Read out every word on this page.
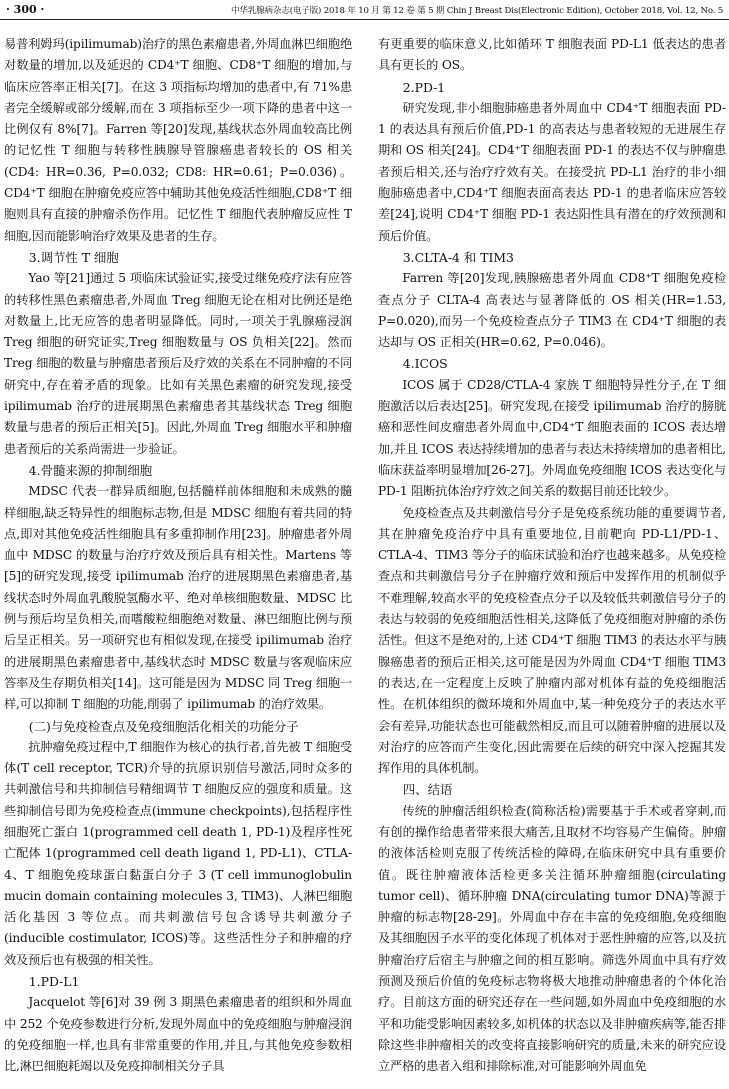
· 300 ·	中华乳腺病杂志(电子版) 2018 年 10 月 第 12 卷 第 5 期 Chin J Breast Dis(Electronic Edition), October 2018, Vol. 12, No. 5

易普利姆玛(ipilimumab)治疗的黑色素瘤患者,外周血淋巴细胞绝对数量的增加,以及延迟的 CD4⁺T 细胞、CD8⁺T 细胞的增加,与临床应答率正相关[7]。在这 3 项指标均增加的患者中,有 71%患者完全缓解或部分缓解,而在 3 项指标至少一项下降的患者中这一比例仅有 8%[7]。Farren 等[20]发现,基线状态外周血较高比例的记忆性 T 细胞与转移性胰腺导管腺癌患者较长的 OS 相关(CD4: HR=0.36, P=0.032; CD8: HR=0.61; P=0.036)。CD4⁺T 细胞在肿瘤免疫应答中辅助其他免疫活性细胞,CD8⁺T 细胞则具有直接的肿瘤杀伤作用。记忆性 T 细胞代表肿瘤反应性 T 细胞,因而能影响治疗效果及患者的生存。

3.调节性 T 细胞

Yao 等[21]通过 5 项临床试验证实,接受过继免疫疗法有应答的转移性黑色素瘤患者,外周血 Treg 细胞无论在相对比例还是绝对数量上,比无应答的患者明显降低。同时,一项关于乳腺癌浸润 Treg 细胞的研究证实,Treg 细胞数量与 OS 负相关[22]。然而 Treg 细胞的数量与肿瘤患者预后及疗效的关系在不同肿瘤的不同研究中,存在着矛盾的现象。比如有关黑色素瘤的研究发现,接受 ipilimumab 治疗的进展期黑色素瘤患者其基线状态 Treg 细胞数量与患者的预后正相关[5]。因此,外周血 Treg 细胞水平和肿瘤患者预后的关系尚需进一步验证。

4.骨髓来源的抑制细胞

MDSC 代表一群异质细胞,包括髓样前体细胞和未成熟的髓样细胞,缺乏特异性的细胞标志物,但是 MDSC 细胞有着共同的特点,即对其他免疫活性细胞具有多重抑制作用[23]。肿瘤患者外周血中 MDSC 的数量与治疗疗效及预后具有相关性。Martens 等[5]的研究发现,接受 ipilimumab 治疗的进展期黑色素瘤患者,基线状态时外周血乳酸脱氢酶水平、绝对单核细胞数量、MDSC 比例与预后均呈负相关,而嗜酸粒细胞绝对数量、淋巴细胞比例与预后呈正相关。另一项研究也有相似发现,在接受 ipilimumab 治疗的进展期黑色素瘤患者中,基线状态时 MDSC 数量与客观临床应答率及生存期负相关[14]。这可能是因为 MDSC 同 Treg 细胞一样,可以抑制 T 细胞的功能,削弱了 ipilimumab 的治疗效果。

(二)与免疫检查点及免疫细胞活化相关的功能分子

抗肿瘤免疫过程中,T 细胞作为核心的执行者,首先被 T 细胞受体(T cell receptor, TCR)介导的抗原识别信号激活,同时众多的共刺激信号和共抑制信号精细调节 T 细胞反应的强度和质量。这些抑制信号即为免疫检查点(immune checkpoints),包括程序性细胞死亡蛋白 1(programmed cell death 1, PD-1)及程序性死亡配体 1(programmed cell death ligand 1, PD-L1)、CTLA-4、T 细胞免疫球蛋白黏蛋白分子 3 (T cell immunoglobulin mucin domain containing molecules 3, TIM3)、人淋巴细胞活化基因 3 等位点。而共刺激信号包含诱导共刺激分子(inducible costimulator, ICOS)等。这些活性分子和肿瘤的疗效及预后也有极强的相关性。

1.PD-L1

Jacquelot 等[6]对 39 例 3 期黑色素瘤患者的组织和外周血中 252 个免疫参数进行分析,发现外周血中的免疫细胞与肿瘤浸润的免疫细胞一样,也具有非常重要的作用,并且,与其他免疫参数相比,淋巴细胞耗竭以及免疫抑制相关分子具

有更重要的临床意义,比如循环 T 细胞表面 PD-L1 低表达的患者具有更长的 OS。

2.PD-1

研究发现,非小细胞肺癌患者外周血中 CD4⁺T 细胞表面 PD-1 的表达具有预后价值,PD-1 的高表达与患者较短的无进展生存期和 OS 相关[24]。CD4⁺T 细胞表面 PD-1 的表达不仅与肿瘤患者预后相关,还与治疗疗效有关。在接受抗 PD-L1 治疗的非小细胞肺癌患者中,CD4⁺T 细胞表面高表达 PD-1 的患者临床应答较差[24],说明 CD4⁺T 细胞 PD-1 表达阳性具有潜在的疗效预测和预后价值。

3.CLTA-4 和 TIM3

Farren 等[20]发现,胰腺癌患者外周血 CD8⁺T 细胞免疫检查点分子 CLTA-4 高表达与显著降低的 OS 相关(HR=1.53, P=0.020),而另一个免疫检查点分子 TIM3 在 CD4⁺T 细胞的表达却与 OS 正相关(HR=0.62, P=0.046)。

4.ICOS

ICOS 属于 CD28/CTLA-4 家族 T 细胞特异性分子,在 T 细胞激活以后表达[25]。研究发现,在接受 ipilimumab 治疗的膀胱癌和恶性间皮瘤患者外周血中,CD4⁺T 细胞表面的 ICOS 表达增加,并且 ICOS 表达持续增加的患者与表达未持续增加的患者相比,临床获益率明显增加[26-27]。外周血免疫细胞 ICOS 表达变化与 PD-1 阻断抗体治疗疗效之间关系的数据目前还比较少。

免疫检查点及共刺激信号分子是免疫系统功能的重要调节者,其在肿瘤免疫治疗中具有重要地位,目前靶向 PD-L1/PD-1、CTLA-4、TIM3 等分子的临床试验和治疗也越来越多。从免疫检查点和共刺激信号分子在肿瘤疗效和预后中发挥作用的机制似乎不难理解,较高水平的免疫检查点分子以及较低共刺激信号分子的表达与较弱的免疫细胞活性相关,这降低了免疫细胞对肿瘤的杀伤活性。但这不是绝对的,上述 CD4⁺T 细胞 TIM3 的表达水平与胰腺癌患者的预后正相关,这可能是因为外周血 CD4⁺T 细胞 TIM3 的表达,在一定程度上反映了肿瘤内部对机体有益的免疫细胞活性。在机体组织的微环境和外周血中,某一种免疫分子的表达水平会有差异,功能状态也可能截然相反,而且可以随着肿瘤的进展以及对治疗的应答而产生变化,因此需要在后续的研究中深入挖掘其发挥作用的具体机制。

四、结语

传统的肿瘤活组织检查(简称活检)需要基于手术或者穿刺,而有创的操作给患者带来很大痛苦,且取材不均容易产生偏倚。肿瘤的液体活检则克服了传统活检的障碍,在临床研究中具有重要价值。既往肿瘤液体活检更多关注循环肿瘤细胞(circulating tumor cell)、循环肿瘤 DNA(circulating tumor DNA)等源于肿瘤的标志物[28-29]。外周血中存在丰富的免疫细胞,免疫细胞及其细胞因子水平的变化体现了机体对于恶性肿瘤的应答,以及抗肿瘤治疗后宿主与肿瘤之间的相互影响。筛选外周血中具有疗效预测及预后价值的免疫标志物将极大地推动肿瘤患者的个体化治疗。目前这方面的研究还存在一些问题,如外周血中免疫细胞的水平和功能受影响因素较多,如机体的状态以及非肿瘤疾病等,能否排除这些非肿瘤相关的改变将直接影响研究的质量,未来的研究应设立严格的患者入组和排除标准,对可能影响外周血免
